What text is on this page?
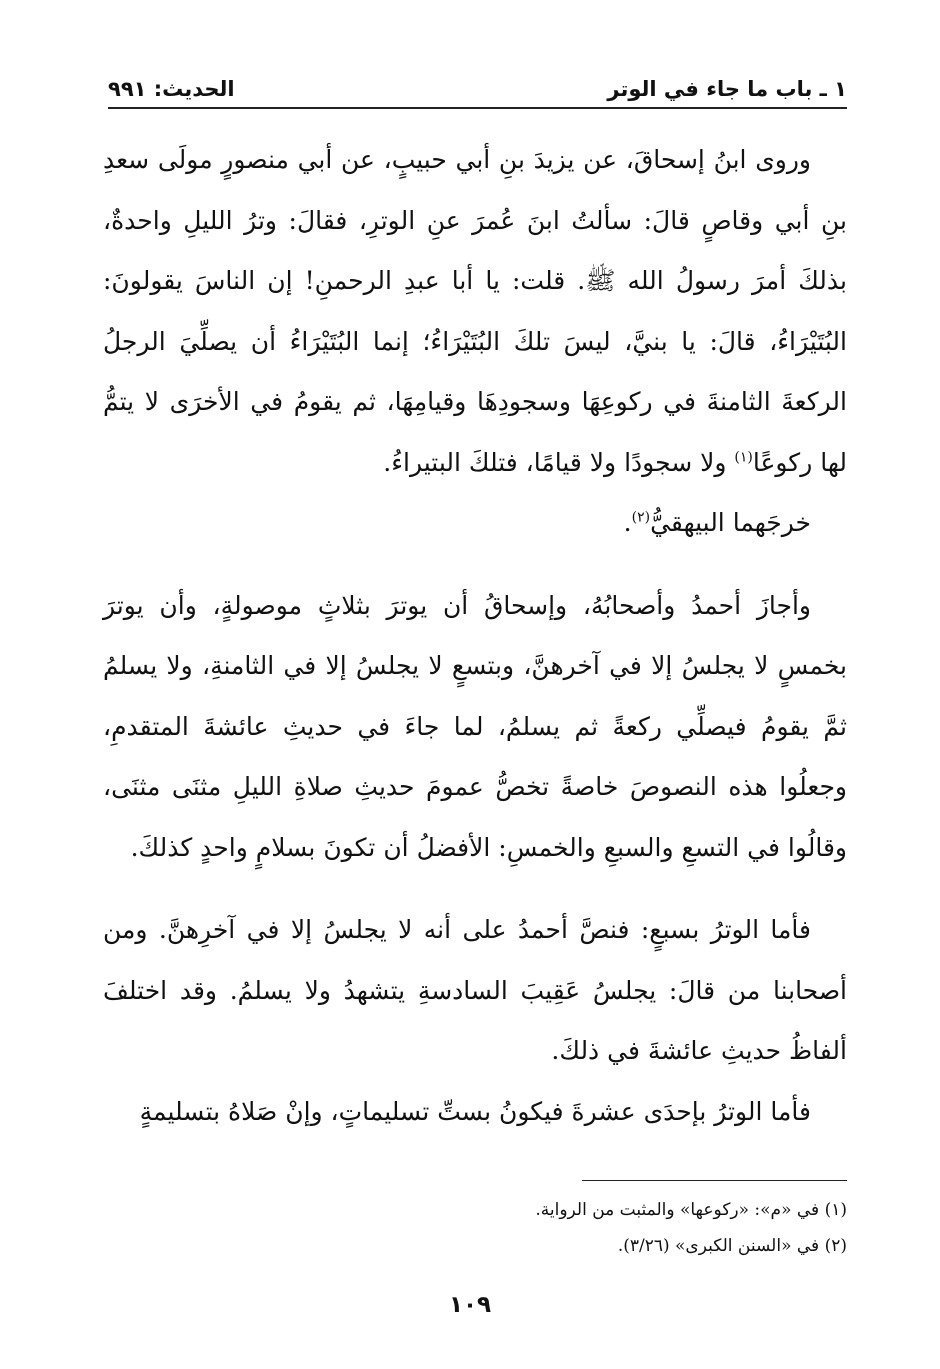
١ ـ باب ما جاء في الوتر
الحديث: ٩٩١

وروى ابنُ إسحاقَ، عن يزيدَ بنِ أبي حبيبٍ، عن أبي منصورٍ مولَى سعدِ بنِ أبي وقاصٍ قالَ: سألتُ ابنَ عُمرَ عنِ الوترِ، فقالَ: وترُ الليلِ واحدةٌ، بذلكَ أمرَ رسولُ الله ﷺ. قلت: يا أبا عبدِ الرحمنِ! إن الناسَ يقولونَ: البُتَيْرَاءُ، قالَ: يا بنيَّ، ليسَ تلكَ البُتَيْرَاءُ؛ إنما البُتَيْرَاءُ أن يصلِّيَ الرجلُ الركعةَ الثامنةَ في ركوعِهَا وسجودِهَا وقيامِهَا، ثم يقومُ في الأخرَى لا يتمُّ لها ركوعًا$^{(١)}$ ولا سجودًا ولا قيامًا، فتلكَ البتيراءُ.

خرجَهما البيهقيُّ$^{(٢)}$.

وأجازَ أحمدُ وأصحابُهُ، وإسحاقُ أن يوترَ بثلاثٍ موصولةٍ، وأن يوترَ بخمسٍ لا يجلسُ إلا في آخرهنَّ، وبتسعٍ لا يجلسُ إلا في الثامنةِ، ولا يسلمُ ثمَّ يقومُ فيصلِّي ركعةً ثم يسلمُ، لما جاءَ في حديثِ عائشةَ المتقدمِ، وجعلُوا هذه النصوصَ خاصةً تخصُّ عمومَ حديثِ صلاةِ الليلِ مثنَى مثنَى، وقالُوا في التسعِ والسبعِ والخمسِ: الأفضلُ أن تكونَ بسلامٍ واحدٍ كذلكَ.

فأما الوترُ بسبعٍ: فنصَّ أحمدُ على أنه لا يجلسُ إلا في آخرِهنَّ. ومن أصحابنا من قالَ: يجلسُ عَقِيبَ السادسةِ يتشهدُ ولا يسلمُ. وقد اختلفَ ألفاظُ حديثِ عائشةَ في ذلكَ.

فأما الوترُ بإحدَى عشرةَ فيكونُ بستِّ تسليماتٍ، وإنْ صَلاهُ بتسليمةٍ

(١) في «م»: «ركوعها» والمثبت من الرواية.
(٢) في «السنن الكبرى» (٣/٢٦).
١٠٩
